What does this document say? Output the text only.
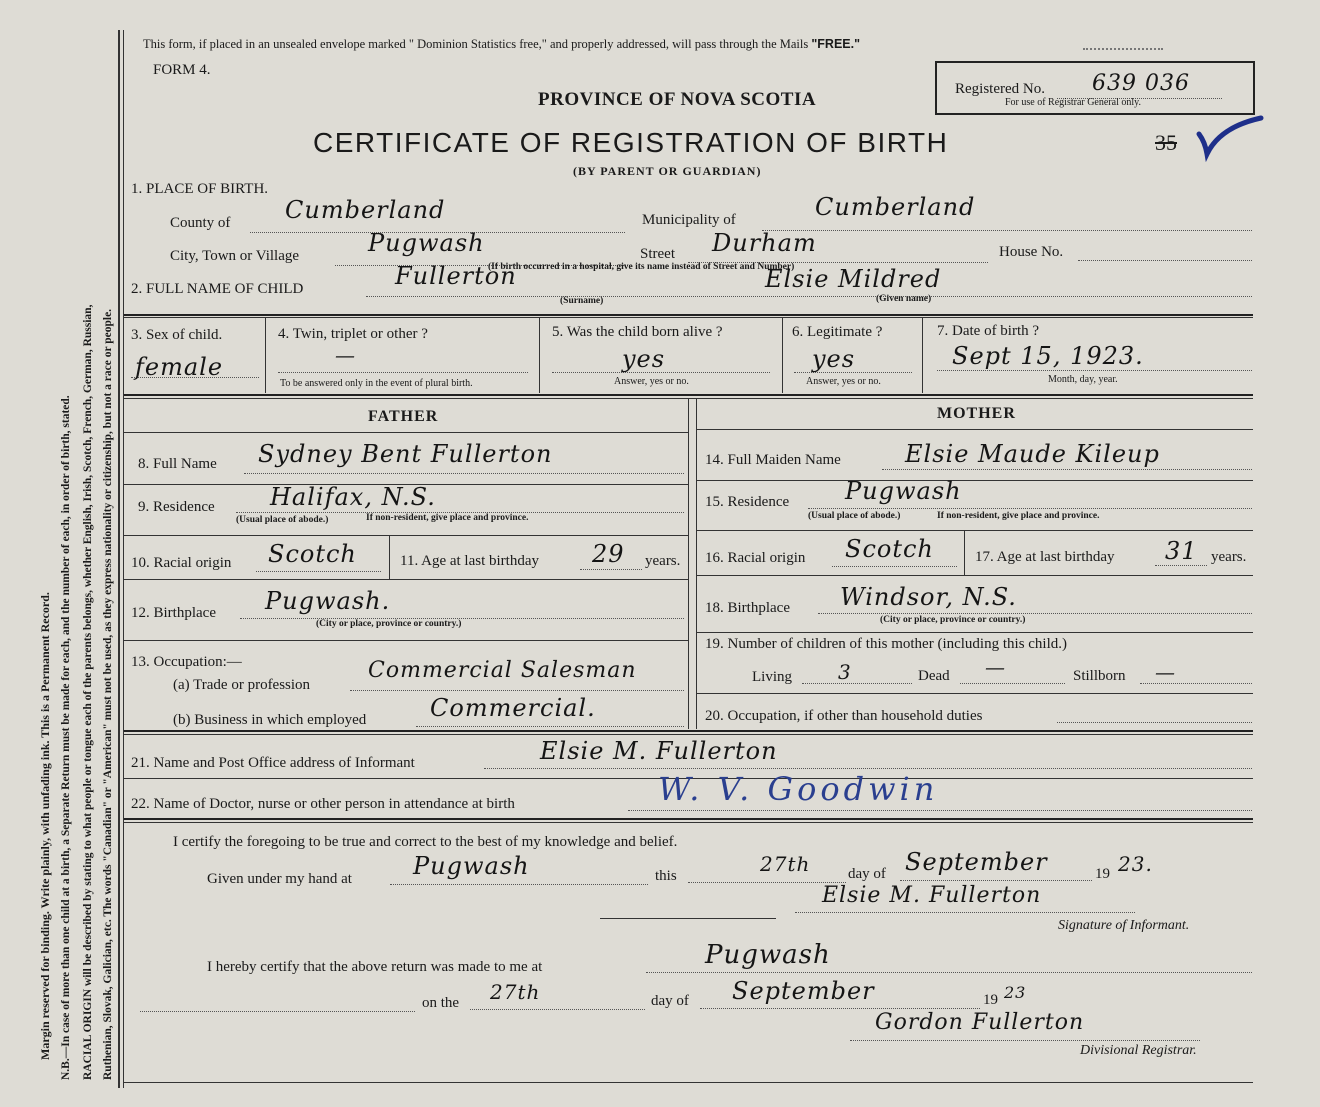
Margin reserved for binding. Write plainly, with unfading ink. This is a Permanent Record. N.B.—In case of more than one child at a birth, a Separate Return must be made for each, and the number of each, in order of birth, stated. RACIAL ORIGIN will be described by stating to what people or tongue each of the parents belongs, whether English, Irish, Scotch, French, German, Russian, Ruthenian, Slovak, Galician, etc. The words "Canadian" or "American" must not be used, as they express nationality or citizenship, but not a race or people.
This form, if placed in an unsealed envelope marked " Dominion Statistics free," and properly addressed, will pass through the Mails "FREE."
FORM 4.
Registered No. 639 036
For use of Registrar General only.
PROVINCE OF NOVA SCOTIA
CERTIFICATE OF REGISTRATION OF BIRTH
(BY PARENT OR GUARDIAN)
35
1. PLACE OF BIRTH.
County of Cumberland	Municipality of	Cumberland
City, Town or Village	Pugwash	Street Durham	House No.
(If birth occurred in a hospital, give its name instead of Street and Number)
2. FULL NAME OF CHILD	Fullerton	Elsie Mildred
(Surname)	(Given name)
3. Sex of child.
female
4. Twin, triplet or other ?
—
To be answered only in the event of plural birth.
5. Was the child born alive ?
yes
Answer, yes or no.
6. Legitimate ?
yes
Answer, yes or no.
7. Date of birth ?
Sept 15, 1923.
Month, day, year.
FATHER	MOTHER
8. Full Name Sydney Bent Fullerton
9. Residence Halifax, N.S.
(Usual place of abode.)	If non-resident, give place and province.
10. Racial origin Scotch	11. Age at last birthday 29 years.
12. Birthplace Pugwash.
(City or place, province or country.)
13. Occupation:—
(a) Trade or profession
Commercial Salesman
(b) Business in which employed	Commercial.
14. Full Maiden Name	Elsie Maude Kileup
15. Residence Pugwash
(Usual place of abode.)	If non-resident, give place and province.
16. Racial origin Scotch	17. Age at last birthday 31 years.
18. Birthplace Windsor, N.S.
(City or place, province or country.)
19. Number of children of this mother (including this child.)
Living 3	Dead —	Stillborn —
20. Occupation, if other than household duties
21. Name and Post Office address of Informant	Elsie M. Fullerton
22. Name of Doctor, nurse or other person in attendance at birth	W. V. Goodwin
I certify the foregoing to be true and correct to the best of my knowledge and belief.
Given under my hand at	Pugwash	this	27th	day of September	19 23.
Elsie M. Fullerton
Signature of Informant.
I hereby certify that the above return was made to me at	Pugwash
on the 27th	day of September	19 23
Gordon Fullerton
Divisional Registrar.
